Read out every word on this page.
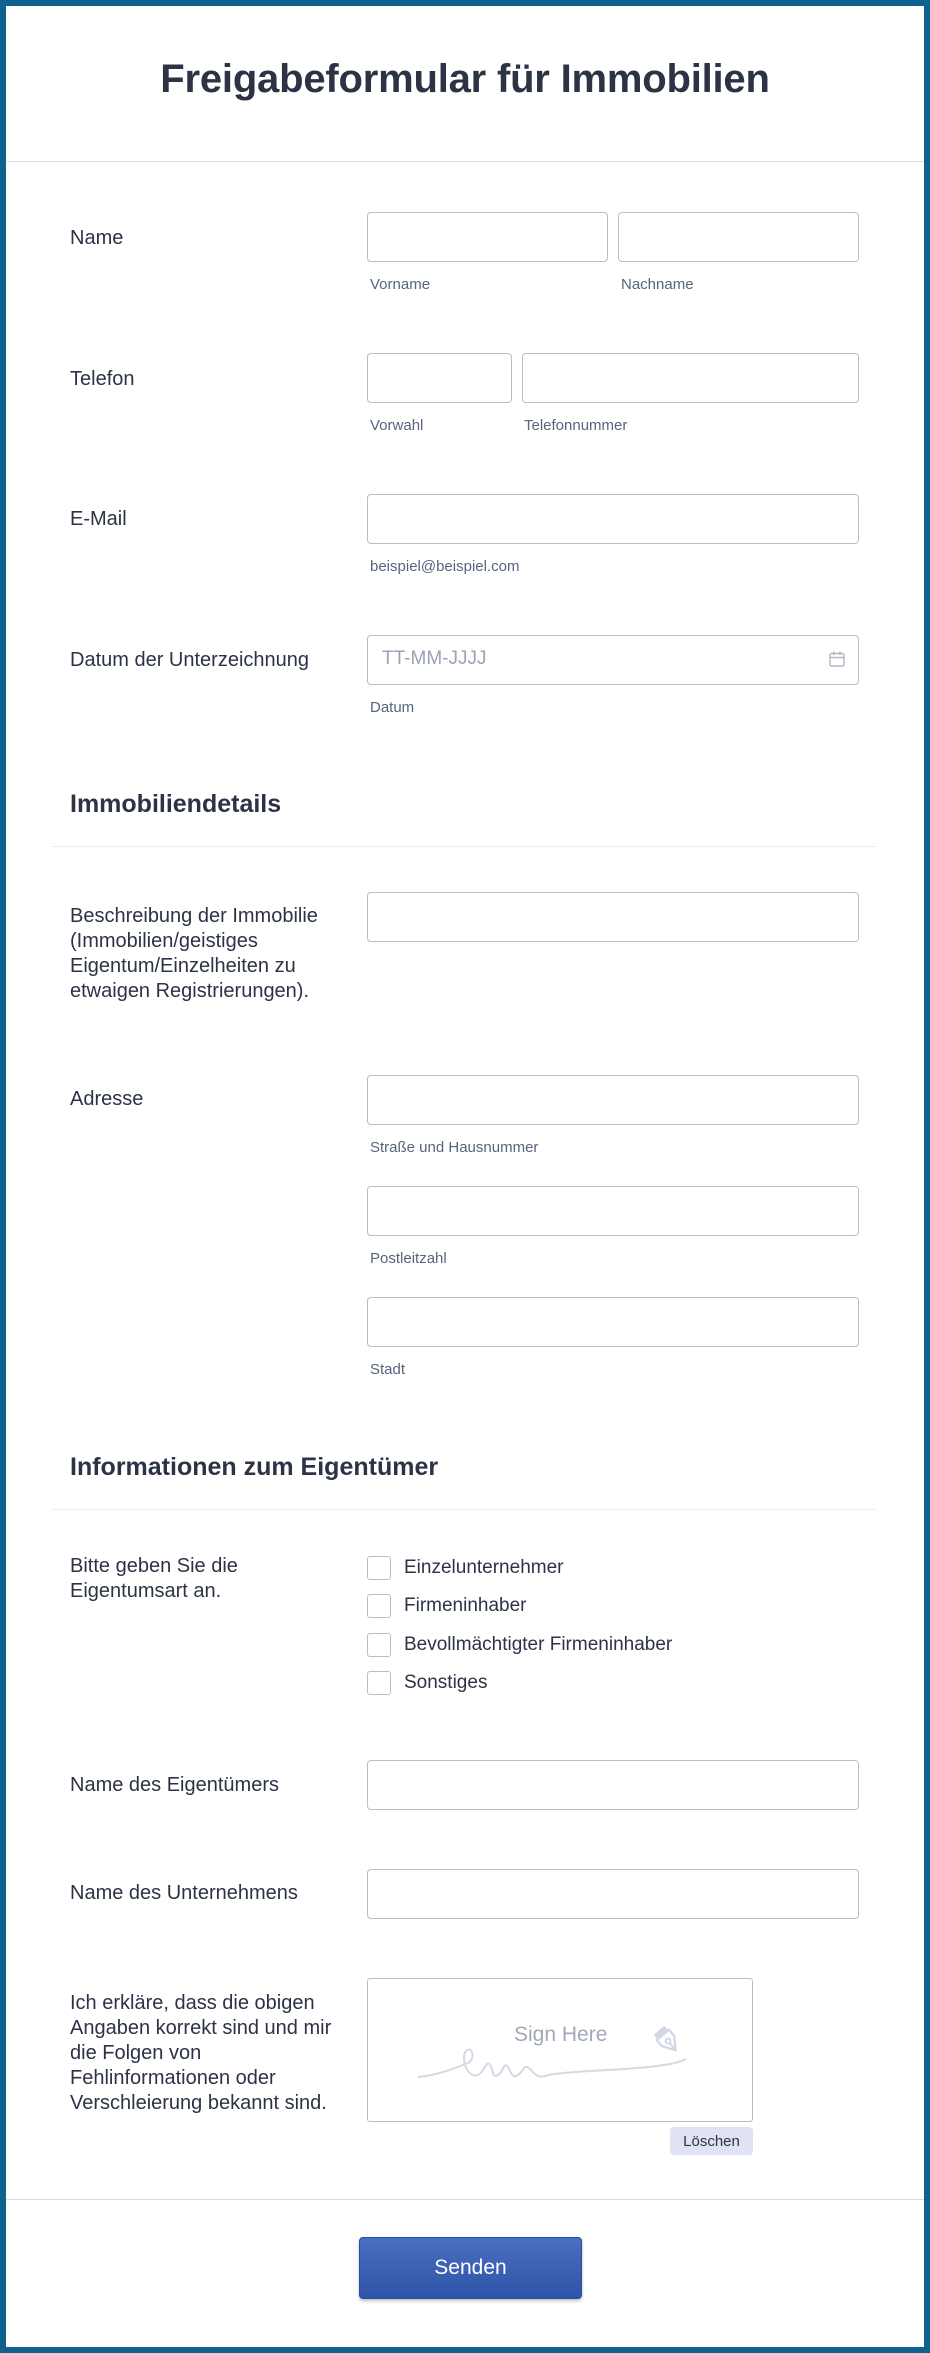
Freigabeformular für Immobilien
Name
Vorname	Nachname
Telefon
Vorwahl	Telefonnummer
E-Mail
beispiel@beispiel.com
Datum der Unterzeichnung	TT-MM-JJJJ
Datum
Immobiliendetails
Beschreibung der Immobilie (Immobilien/geistiges Eigentum/Einzelheiten zu etwaigen Registrierungen).
Adresse
Straße und Hausnummer
Postleitzahl
Stadt
Informationen zum Eigentümer
Bitte geben Sie die Eigentumsart an.
Einzelunternehmer
Firmeninhaber
Bevollmächtigter Firmeninhaber
Sonstiges
Name des Eigentümers
Name des Unternehmens
Ich erkläre, dass die obigen Angaben korrekt sind und mir die Folgen von Fehlinformationen oder Verschleierung bekannt sind.
Sign Here
Löschen
Senden
